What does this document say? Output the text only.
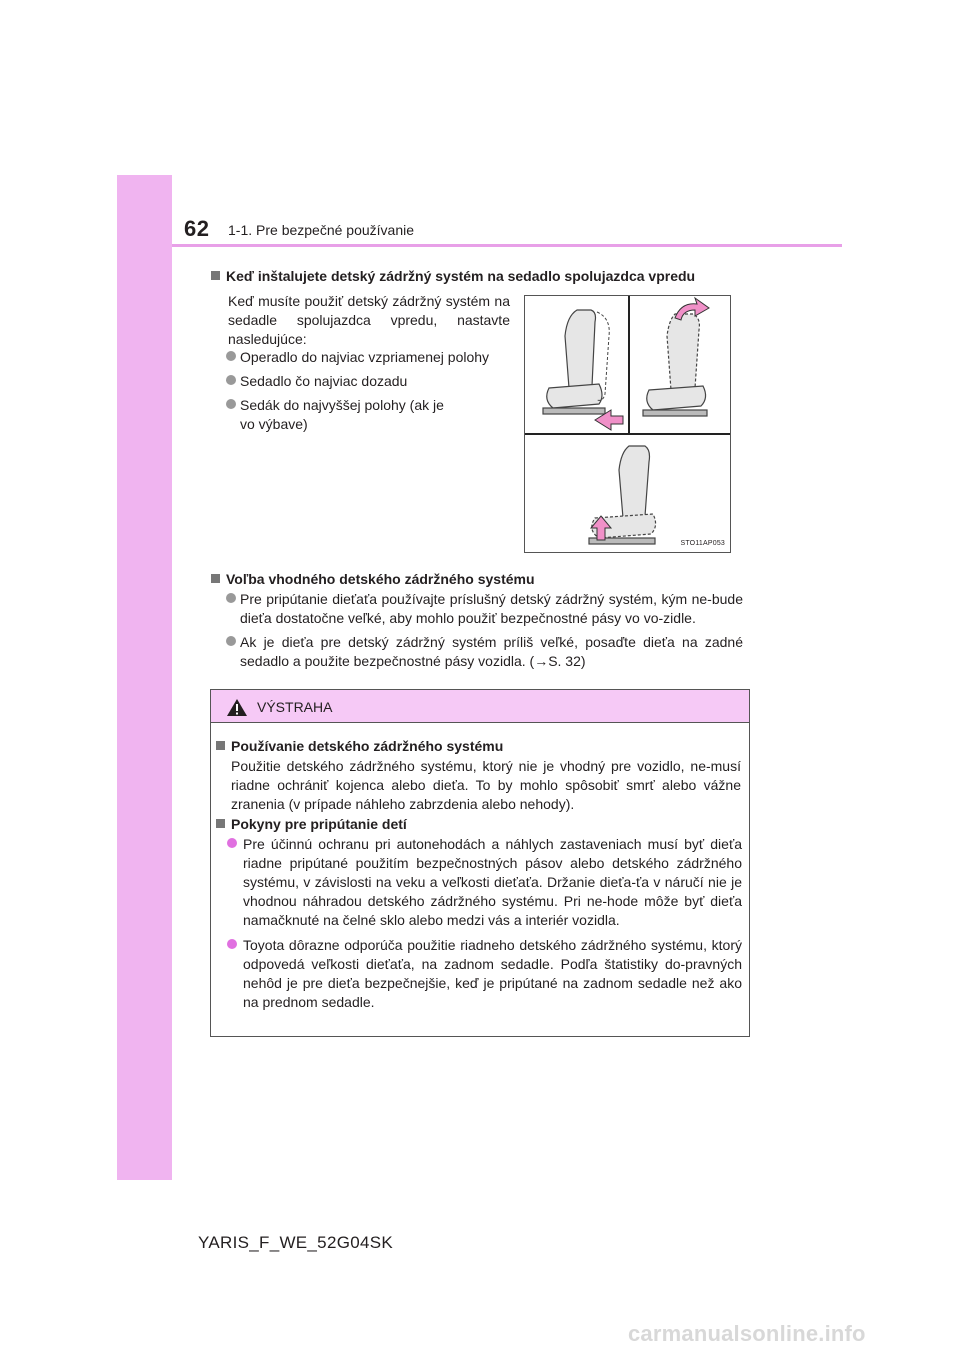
62 1-1. Pre bezpečné používanie
Keď inštalujete detský zádržný systém na sedadlo spolujazdca vpredu
Keď musíte použiť detský zádržný systém na sedadle spolujazdca vpredu, nastavte nasledujúce:
Operadlo do najviac vzpriamenej polohy
Sedadlo čo najviac dozadu
Sedák do najvyššej polohy (ak je vo výbave)
STO11AP053
Voľba vhodného detského zádržného systému
Pre pripútanie dieťaťa používajte príslušný detský zádržný systém, kým ne-bude dieťa dostatočne veľké, aby mohlo použiť bezpečnostné pásy vo vo-zidle.
Ak je dieťa pre detský zádržný systém príliš veľké, posaďte dieťa na zadné sedadlo a použite bezpečnostné pásy vozidla. (→S. 32)
VÝSTRAHA
Používanie detského zádržného systému
Použitie detského zádržného systému, ktorý nie je vhodný pre vozidlo, ne-musí riadne ochrániť kojenca alebo dieťa. To by mohlo spôsobiť smrť alebo vážne zranenia (v prípade náhleho zabrzdenia alebo nehody).
Pokyny pre pripútanie detí
Pre účinnú ochranu pri autonehodách a náhlych zastaveniach musí byť dieťa riadne pripútané použitím bezpečnostných pásov alebo detského zádržného systému, v závislosti na veku a veľkosti dieťaťa. Držanie dieťa-ťa v náručí nie je vhodnou náhradou detského zádržného systému. Pri ne-hode môže byť dieťa namačknuté na čelné sklo alebo medzi vás a interiér vozidla.
Toyota dôrazne odporúča použitie riadneho detského zádržného systému, ktorý odpovedá veľkosti dieťaťa, na zadnom sedadle. Podľa štatistiky do-pravných nehôd je pre dieťa bezpečnejšie, keď je pripútané na zadnom sedadle než ako na prednom sedadle.
YARIS_F_WE_52G04SK
carmanualsonline.info
